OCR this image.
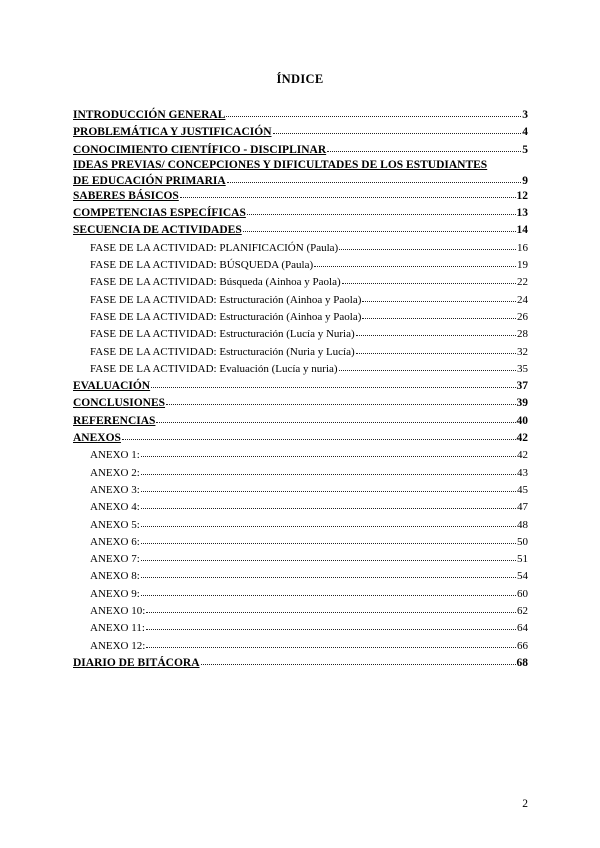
ÍNDICE
INTRODUCCIÓN GENERAL	3
PROBLEMÁTICA Y JUSTIFICACIÓN	4
CONOCIMIENTO CIENTÍFICO - DISCIPLINAR	5
IDEAS PREVIAS/ CONCEPCIONES Y DIFICULTADES DE LOS ESTUDIANTES
DE EDUCACIÓN PRIMARIA	9
SABERES BÁSICOS	12
COMPETENCIAS ESPECÍFICAS	13
SECUENCIA DE ACTIVIDADES	14
FASE DE LA ACTIVIDAD: PLANIFICACIÓN (Paula)	16
FASE DE LA ACTIVIDAD: BÚSQUEDA (Paula)	19
FASE DE LA ACTIVIDAD: Búsqueda (Ainhoa y Paola)	22
FASE DE LA ACTIVIDAD: Estructuración (Ainhoa y Paola)	24
FASE DE LA ACTIVIDAD: Estructuración (Ainhoa y Paola)	26
FASE DE LA ACTIVIDAD: Estructuración (Lucía y Nuria)	28
FASE DE LA ACTIVIDAD: Estructuración (Nuria y Lucía)	32
FASE DE LA ACTIVIDAD: Evaluación (Lucía y nuria)	35
EVALUACIÓN	37
CONCLUSIONES	39
REFERENCIAS	40
ANEXOS	42
ANEXO 1:	42
ANEXO 2:	43
ANEXO 3:	45
ANEXO 4:	47
ANEXO 5:	48
ANEXO 6:	50
ANEXO 7:	51
ANEXO 8:	54
ANEXO 9:	60
ANEXO 10:	62
ANEXO 11:	64
ANEXO 12:	66
DIARIO DE BITÁCORA	68
2
